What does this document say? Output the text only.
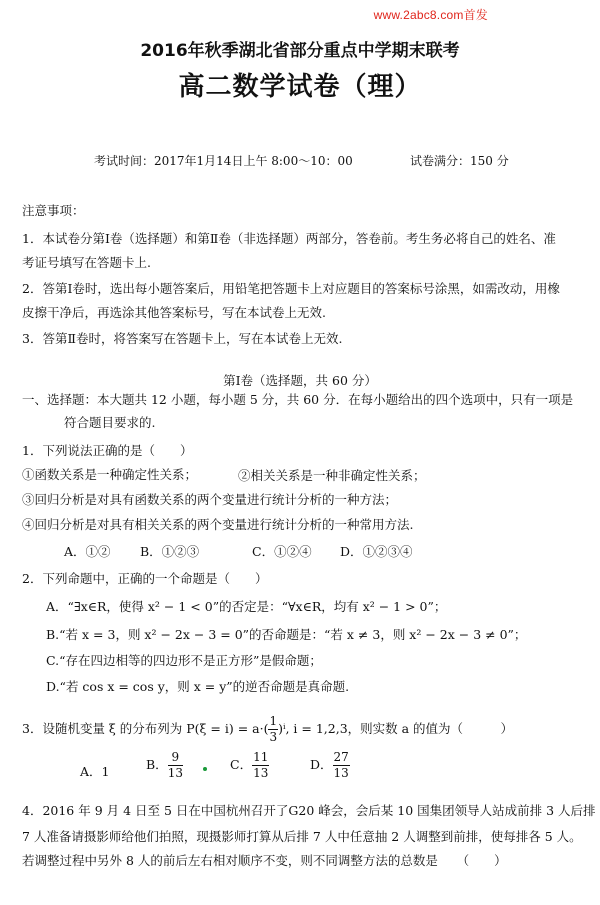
www.2abc8.com首发
2016年秋季湖北省部分重点中学期末联考
高二数学试卷（理）
考试时间：2017年1月14日上午 8:00～10：00	试卷满分：150 分
注意事项：
1．本试卷分第Ⅰ卷（选择题）和第Ⅱ卷（非选择题）两部分，答卷前。考生务必将自己的姓名、准
考证号填写在答题卡上.
2．答第Ⅰ卷时，选出每小题答案后，用铅笔把答题卡上对应题目的答案标号涂黑，如需改动，用橡
皮擦干净后，再选涂其他答案标号，写在本试卷上无效.
3．答第Ⅱ卷时，将答案写在答题卡上，写在本试卷上无效.
第Ⅰ卷（选择题，共 60 分）
一、选择题：本大题共 12 小题，每小题 5 分，共 60 分．在每小题给出的四个选项中，只有一项是
符合题目要求的.
1．下列说法正确的是（　　）
①函数关系是一种确定性关系；	②相关关系是一种非确定性关系；
③回归分析是对具有函数关系的两个变量进行统计分析的一种方法；
④回归分析是对具有相关关系的两个变量进行统计分析的一种常用方法.
A．①② B．①②③	C．①②④ D．①②③④
2．下列命题中，正确的一个命题是（　　）
A．“∃x∈R，使得 x² − 1 < 0”的否定是：“∀x∈R，均有 x² − 1 > 0”；
B.“若 x = 3，则 x² − 2x − 3 = 0”的否命题是：“若 x ≠ 3，则 x² − 2x − 3 ≠ 0”；
C.“存在四边相等的四边形不是正方形”是假命题；
D.“若 cos x = cos y，则 x = y”的逆否命题是真命题.
3．设随机变量 ξ 的分布列为 $P(\xi = i) = a\cdot( \frac{1}{3} )^i$, i = 1,2,3，则实数 a 的值为（　　　）
A．1	B． $\frac{9}{13}$	C． $\frac{11}{13}$	D． $\frac{27}{13}$
4．2016 年 9 月 4 日至 5 日在中国杭州召开了G20 峰会，会后某 10 国集团领导人站成前排 3 人后排
7 人准备请摄影师给他们拍照，现摄影师打算从后排 7 人中任意抽 2 人调整到前排，使每排各 5 人。
若调整过程中另外 8 人的前后左右相对顺序不变，则不同调整方法的总数是　　（　　）
